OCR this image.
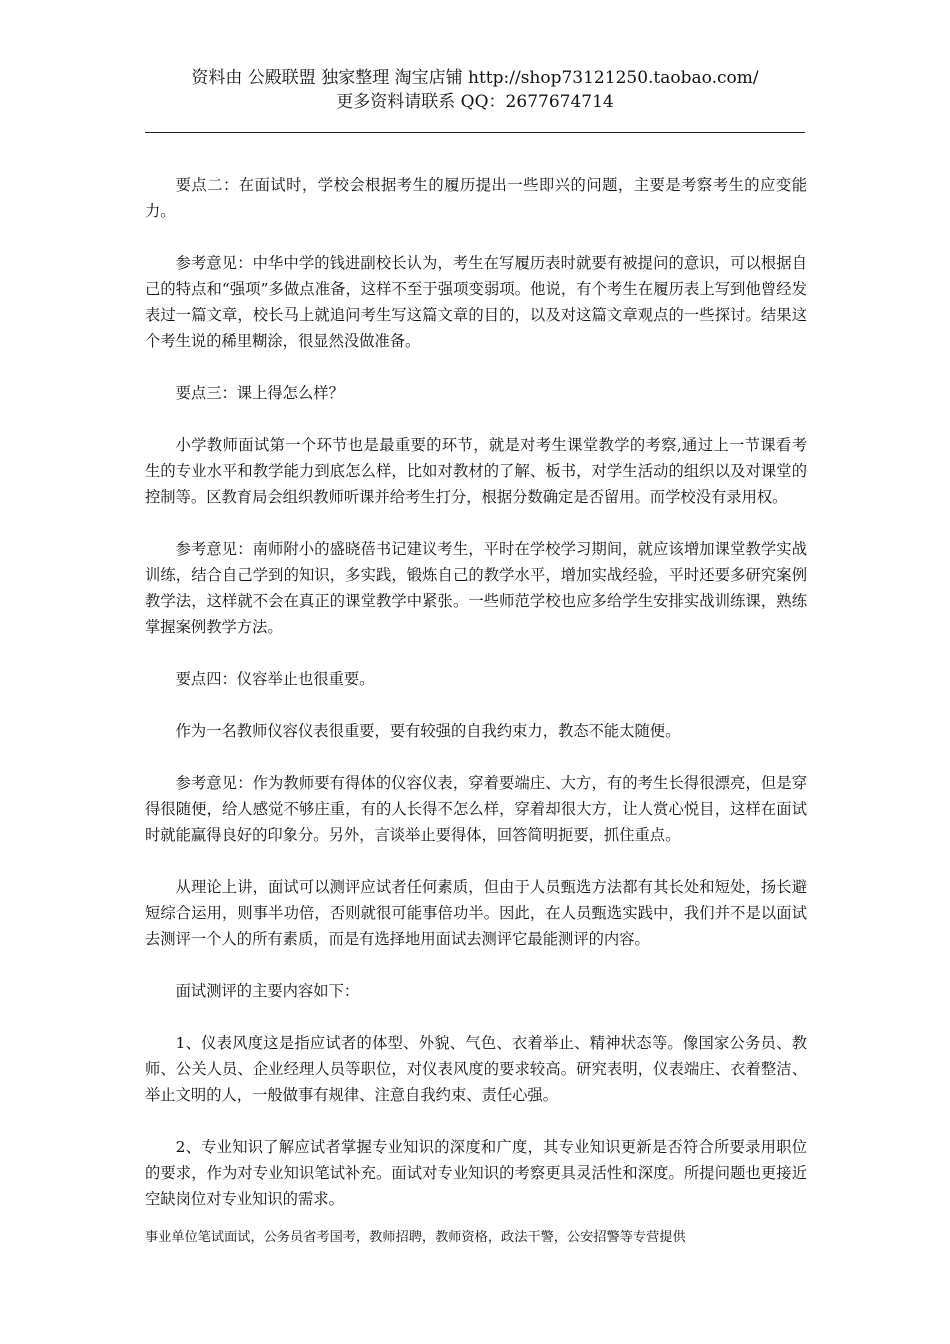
资料由 公殿联盟 独家整理 淘宝店铺 http://shop73121250.taobao.com/
更多资料请联系 QQ：2677674714

要点二：在面试时，学校会根据考生的履历提出一些即兴的问题，主要是考察考生的应变能力。

参考意见：中华中学的钱进副校长认为，考生在写履历表时就要有被提问的意识，可以根据自己的特点和“强项”多做点准备，这样不至于强项变弱项。他说，有个考生在履历表上写到他曾经发表过一篇文章，校长马上就追问考生写这篇文章的目的，以及对这篇文章观点的一些探讨。结果这个考生说的稀里糊涂，很显然没做准备。

要点三：课上得怎么样？

小学教师面试第一个环节也是最重要的环节，就是对考生课堂教学的考察,通过上一节课看考生的专业水平和教学能力到底怎么样，比如对教材的了解、板书，对学生活动的组织以及对课堂的控制等。区教育局会组织教师听课并给考生打分，根据分数确定是否留用。而学校没有录用权。

参考意见：南师附小的盛晓蓓书记建议考生，平时在学校学习期间，就应该增加课堂教学实战训练，结合自己学到的知识，多实践，锻炼自己的教学水平，增加实战经验，平时还要多研究案例教学法，这样就不会在真正的课堂教学中紧张。一些师范学校也应多给学生安排实战训练课，熟练掌握案例教学方法。

要点四：仪容举止也很重要。

作为一名教师仪容仪表很重要，要有较强的自我约束力，教态不能太随便。

参考意见：作为教师要有得体的仪容仪表，穿着要端庄、大方，有的考生长得很漂亮，但是穿得很随便，给人感觉不够庄重，有的人长得不怎么样，穿着却很大方，让人赏心悦目，这样在面试时就能赢得良好的印象分。另外，言谈举止要得体，回答简明扼要，抓住重点。

从理论上讲，面试可以测评应试者任何素质，但由于人员甄选方法都有其长处和短处，扬长避短综合运用，则事半功倍，否则就很可能事倍功半。因此，在人员甄选实践中，我们并不是以面试去测评一个人的所有素质，而是有选择地用面试去测评它最能测评的内容。

面试测评的主要内容如下：

1、仪表风度这是指应试者的体型、外貌、气色、衣着举止、精神状态等。像国家公务员、教师、公关人员、企业经理人员等职位，对仪表风度的要求较高。研究表明，仪表端庄、衣着整洁、举止文明的人，一般做事有规律、注意自我约束、责任心强。

2、专业知识了解应试者掌握专业知识的深度和广度，其专业知识更新是否符合所要录用职位的要求，作为对专业知识笔试补充。面试对专业知识的考察更具灵活性和深度。所提问题也更接近空缺岗位对专业知识的需求。

事业单位笔试面试，公务员省考国考，教师招聘，教师资格，政法干警，公安招警等专营提供
